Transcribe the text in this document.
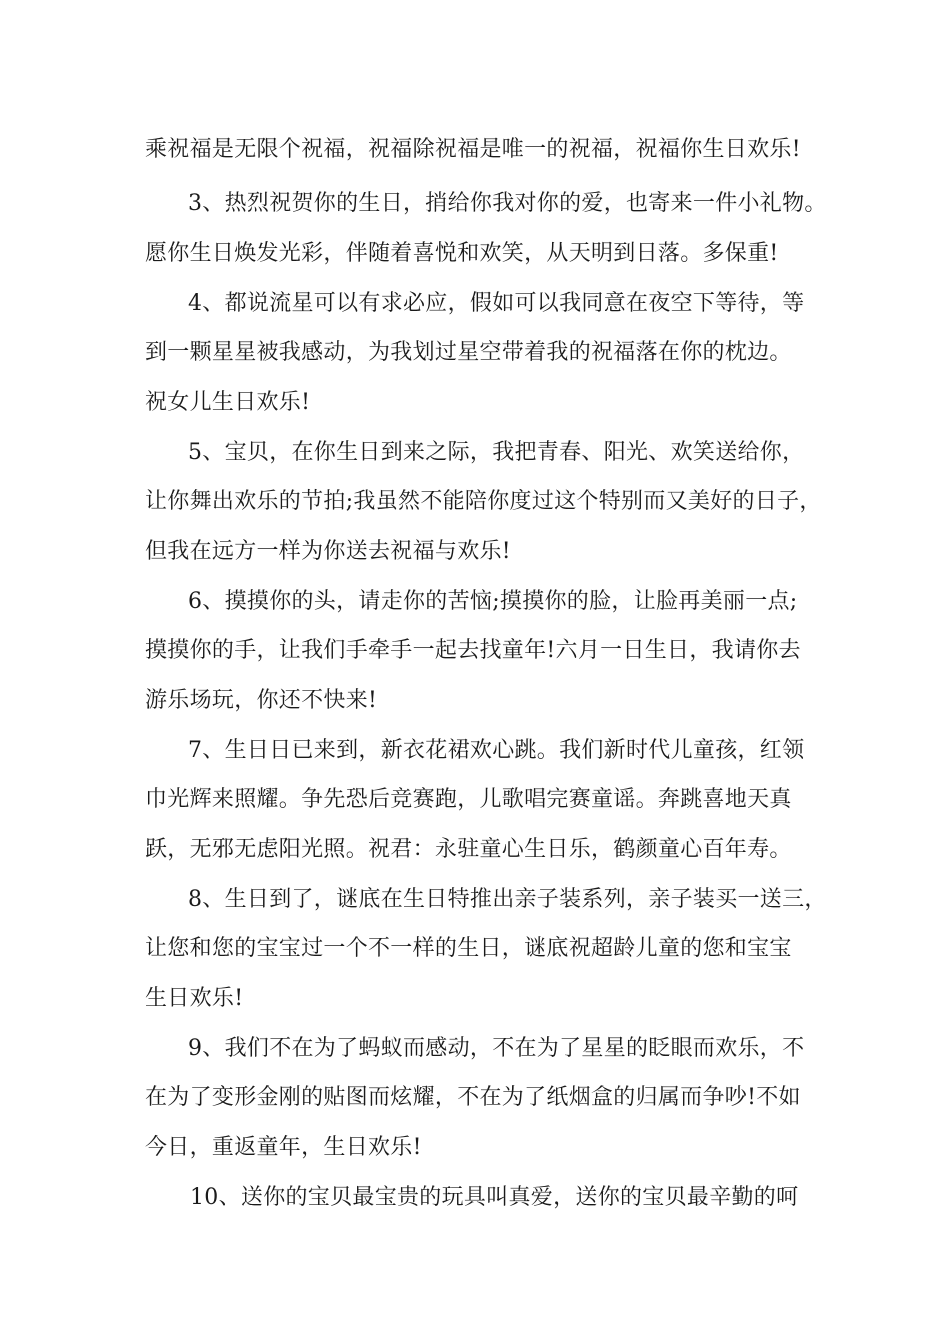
乘祝福是无限个祝福，祝福除祝福是唯一的祝福，祝福你生日欢乐!
3、热烈祝贺你的生日，捎给你我对你的爱，也寄来一件小礼物。
愿你生日焕发光彩，伴随着喜悦和欢笑，从天明到日落。多保重!
4、都说流星可以有求必应，假如可以我同意在夜空下等待，等
到一颗星星被我感动，为我划过星空带着我的祝福落在你的枕边。
祝女儿生日欢乐!
5、宝贝，在你生日到来之际，我把青春、阳光、欢笑送给你，
让你舞出欢乐的节拍;我虽然不能陪你度过这个特别而又美好的日子，
但我在远方一样为你送去祝福与欢乐!
6、摸摸你的头，请走你的苦恼;摸摸你的脸，让脸再美丽一点;
摸摸你的手，让我们手牵手一起去找童年!六月一日生日，我请你去
游乐场玩，你还不快来!
7、生日日已来到，新衣花裙欢心跳。我们新时代儿童孩，红领
巾光辉来照耀。争先恐后竞赛跑，儿歌唱完赛童谣。奔跳喜地天真
跃，无邪无虑阳光照。祝君：永驻童心生日乐，鹤颜童心百年寿。
8、生日到了，谜底在生日特推出亲子装系列，亲子装买一送三，
让您和您的宝宝过一个不一样的生日，谜底祝超龄儿童的您和宝宝
生日欢乐!
9、我们不在为了蚂蚁而感动，不在为了星星的眨眼而欢乐，不
在为了变形金刚的贴图而炫耀，不在为了纸烟盒的归属而争吵!不如
今日，重返童年，生日欢乐!
10、送你的宝贝最宝贵的玩具叫真爱，送你的宝贝最辛勤的呵
